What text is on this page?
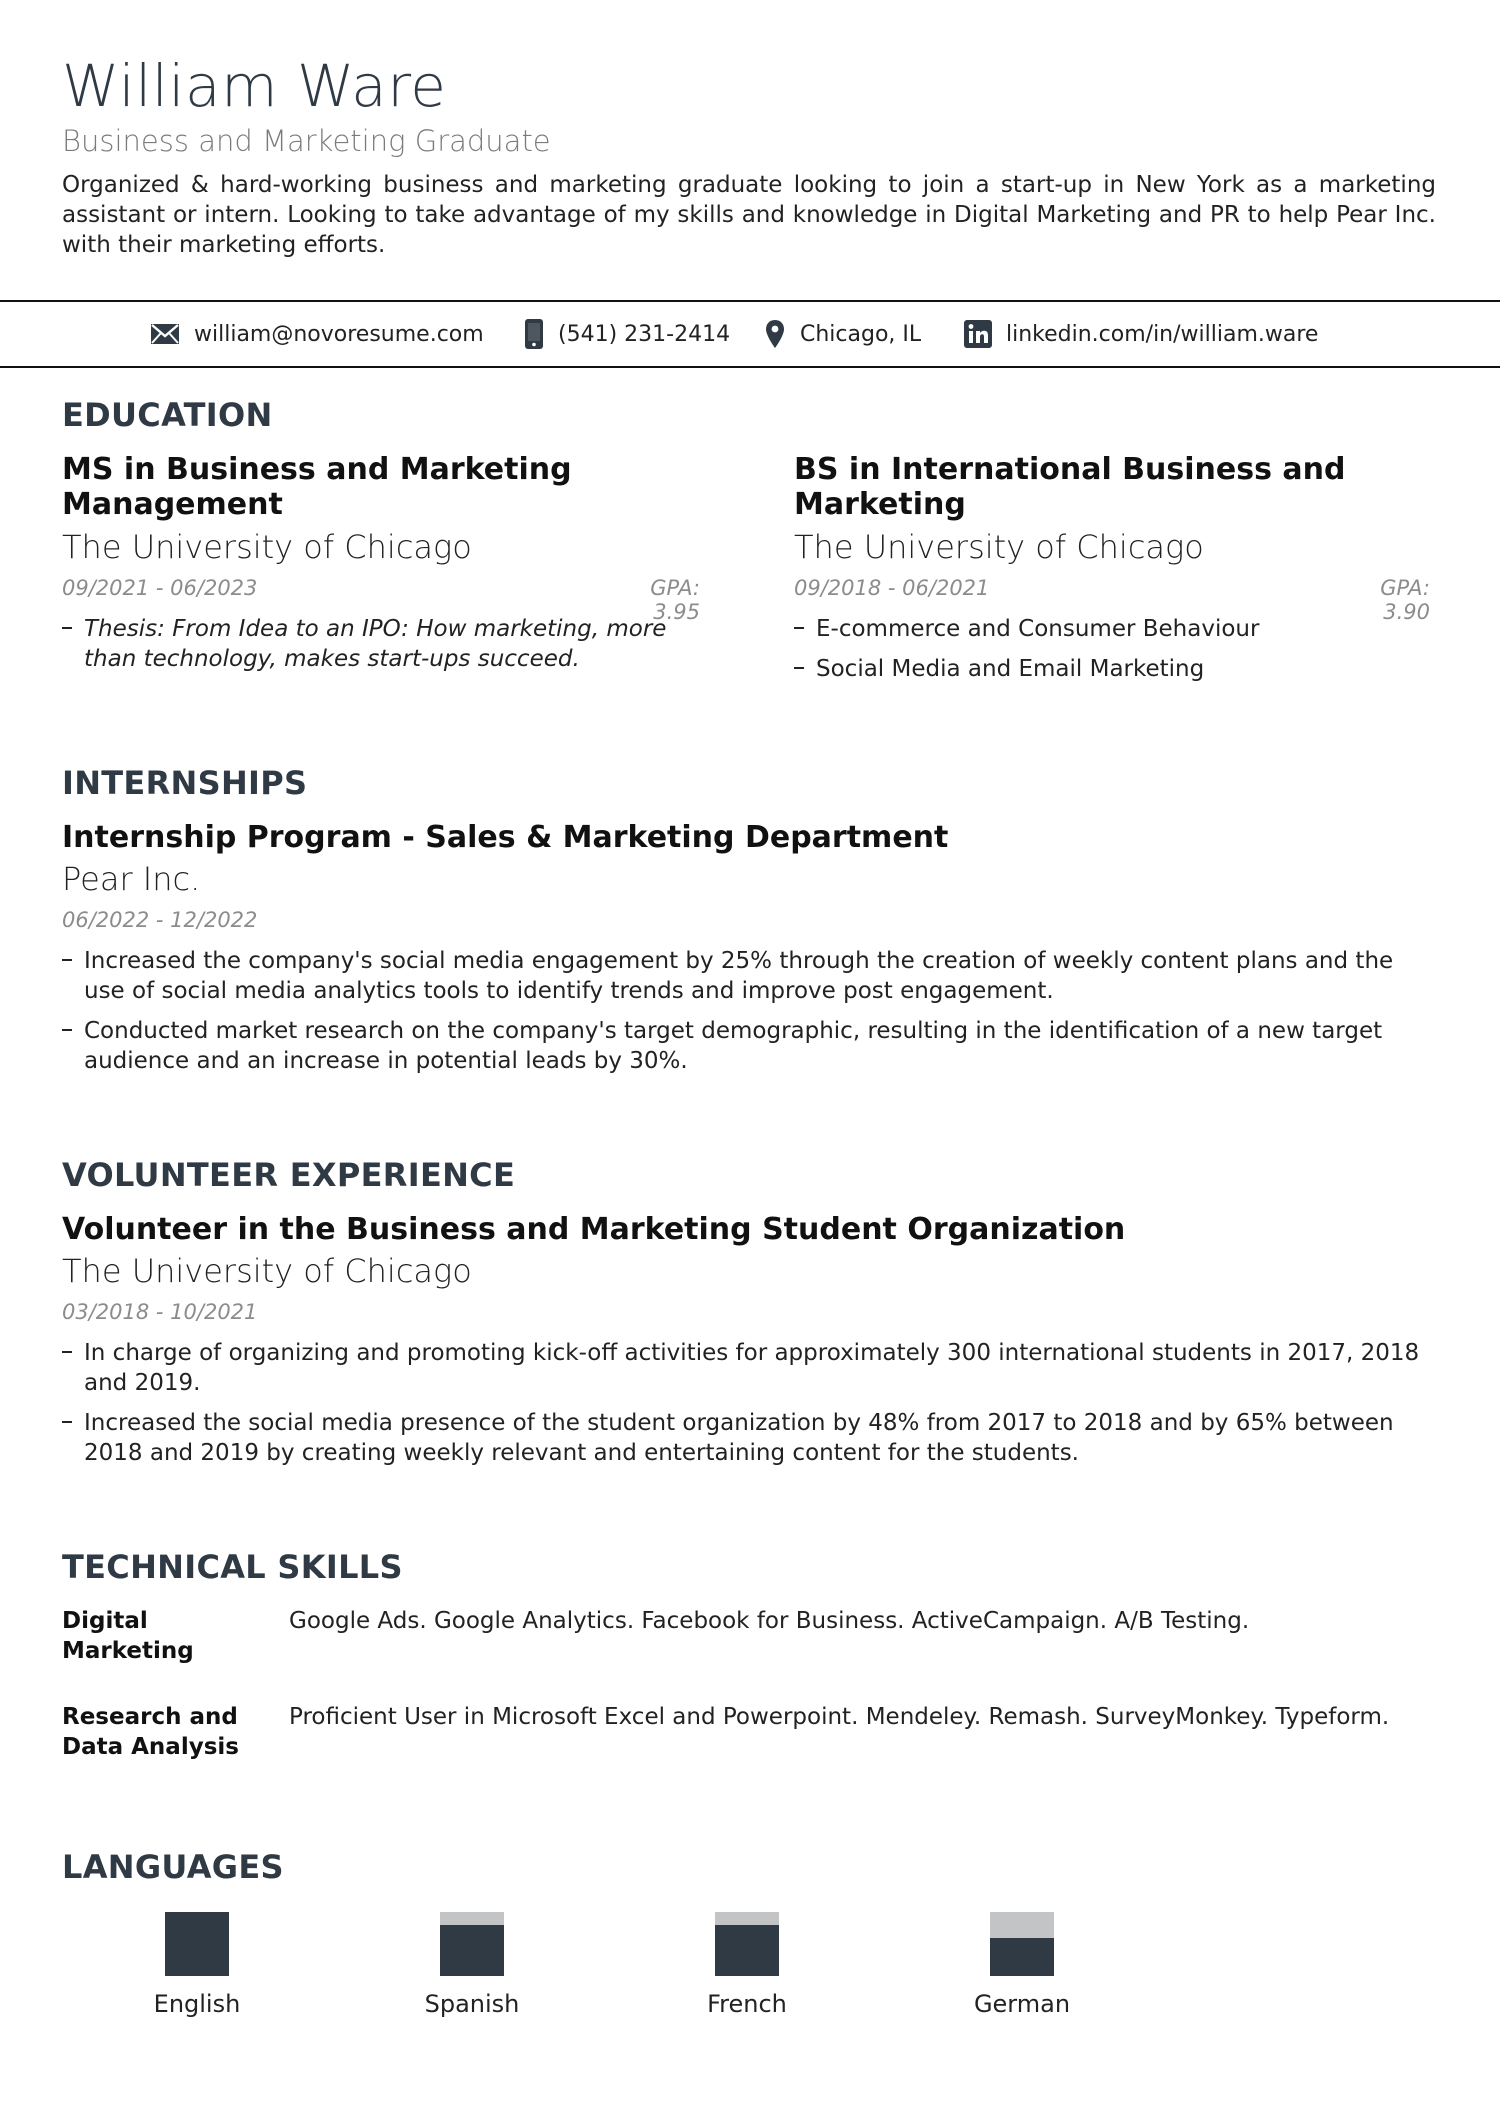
William Ware
Business and Marketing Graduate
Organized & hard-working business and marketing graduate looking to join a start-up in New York as a marketing assistant or intern. Looking to take advantage of my skills and knowledge in Digital Marketing and PR to help Pear Inc. with their marketing efforts.
william@novoresume.com	(541) 231-2414	Chicago, IL	linkedin.com/in/william.ware
EDUCATION
MS in Business and Marketing Management
The University of Chicago
09/2021 - 06/2023	GPA: 3.95
Thesis: From Idea to an IPO: How marketing, more than technology, makes start-ups succeed.
BS in International Business and Marketing
The University of Chicago
09/2018 - 06/2021	GPA: 3.90
E-commerce and Consumer Behaviour
Social Media and Email Marketing
INTERNSHIPS
Internship Program - Sales & Marketing Department
Pear Inc.
06/2022 - 12/2022
Increased the company's social media engagement by 25% through the creation of weekly content plans and the use of social media analytics tools to identify trends and improve post engagement.
Conducted market research on the company's target demographic, resulting in the identification of a new target audience and an increase in potential leads by 30%.
VOLUNTEER EXPERIENCE
Volunteer in the Business and Marketing Student Organization
The University of Chicago
03/2018 - 10/2021
In charge of organizing and promoting kick-off activities for approximately 300 international students in 2017, 2018 and 2019.
Increased the social media presence of the student organization by 48% from 2017 to 2018 and by 65% between 2018 and 2019 by creating weekly relevant and entertaining content for the students.
TECHNICAL SKILLS
Digital Marketing
Google Ads. Google Analytics. Facebook for Business. ActiveCampaign. A/B Testing.
Research and Data Analysis
Proficient User in Microsoft Excel and Powerpoint. Mendeley. Remash. SurveyMonkey. Typeform.
LANGUAGES
English	Spanish	French	German
